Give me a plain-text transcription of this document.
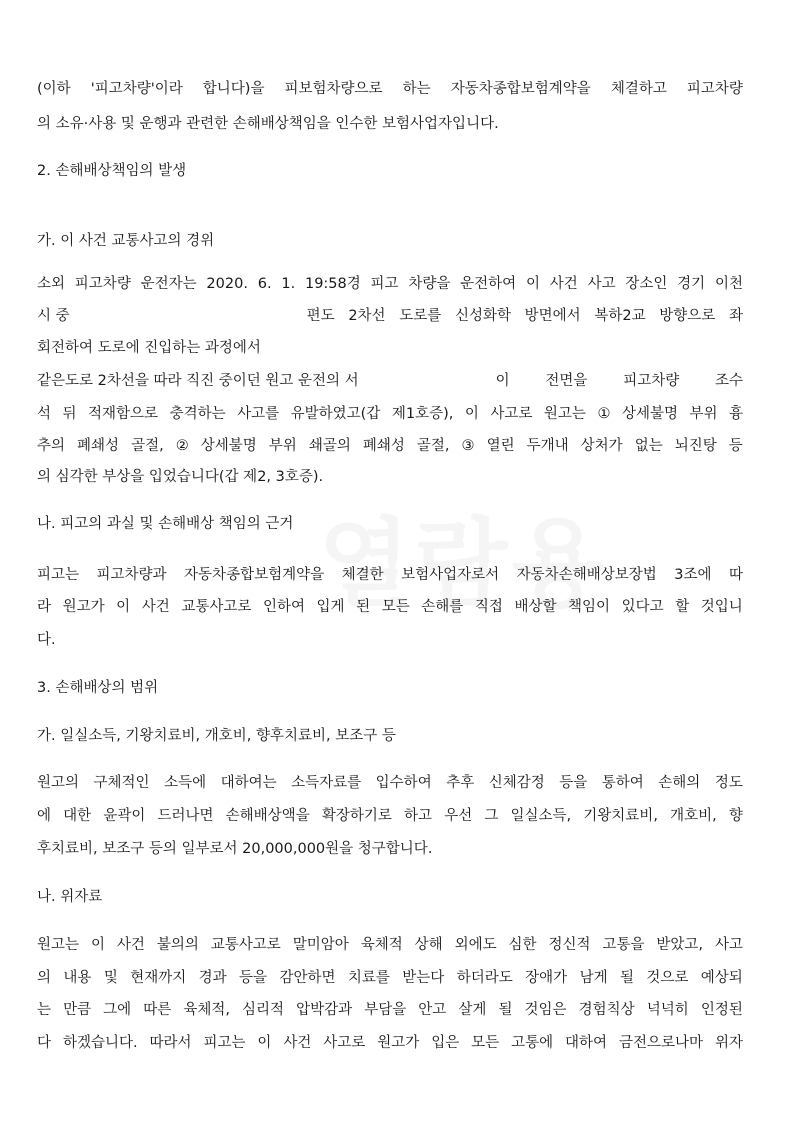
(이하 '피고차량'이라 합니다)을 피보험차량으로 하는 자동차종합보험계약을 체결하고 피고차량
의 소유·사용 및 운행과 관련한 손해배상책임을 인수한 보험사업자입니다.
2. 손해배상책임의 발생
가. 이 사건 교통사고의 경위
소외 피고차량 운전자는 2020. 6. 1. 19:58경 피고 차량을 운전하여 이 사건 사고 장소인 경기 이천
시 중	편도 2차선 도로를 신성화학 방면에서 복하2교 방향으로 좌
회전하여 도로에 진입하는 과정에서
같은도로 2차선을 따라 직진 중이던 원고 운전의 서	이 전면을 피고차량 조수
석 뒤 적재함으로 충격하는 사고를 유발하였고(갑 제1호증), 이 사고로 원고는 ① 상세불명 부위 흉
추의 폐쇄성 골절, ② 상세불명 부위 쇄골의 폐쇄성 골절, ③ 열린 두개내 상처가 없는 뇌진탕 등
의 심각한 부상을 입었습니다(갑 제2, 3호증).
나. 피고의 과실 및 손해배상 책임의 근거
피고는 피고차량과 자동차종합보험계약을 체결한 보험사업자로서 자동차손해배상보장법 3조에 따
라 원고가 이 사건 교통사고로 인하여 입게 된 모든 손해를 직접 배상할 책임이 있다고 할 것입니
다.
3. 손해배상의 범위
가. 일실소득, 기왕치료비, 개호비, 향후치료비, 보조구 등
원고의 구체적인 소득에 대하여는 소득자료를 입수하여 추후 신체감정 등을 통하여 손해의 정도
에 대한 윤곽이 드러나면 손해배상액을 확장하기로 하고 우선 그 일실소득, 기왕치료비, 개호비, 향
후치료비, 보조구 등의 일부로서 20,000,000원을 청구합니다.
나. 위자료
원고는 이 사건 불의의 교통사고로 말미암아 육체적 상해 외에도 심한 정신적 고통을 받았고, 사고
의 내용 및 현재까지 경과 등을 감안하면 치료를 받는다 하더라도 장애가 남게 될 것으로 예상되
는 만큼 그에 따른 육체적, 심리적 압박감과 부담을 안고 살게 될 것임은 경험칙상 넉넉히 인정된
다 하겠습니다. 따라서 피고는 이 사건 사고로 원고가 입은 모든 고통에 대하여 금전으로나마 위자
